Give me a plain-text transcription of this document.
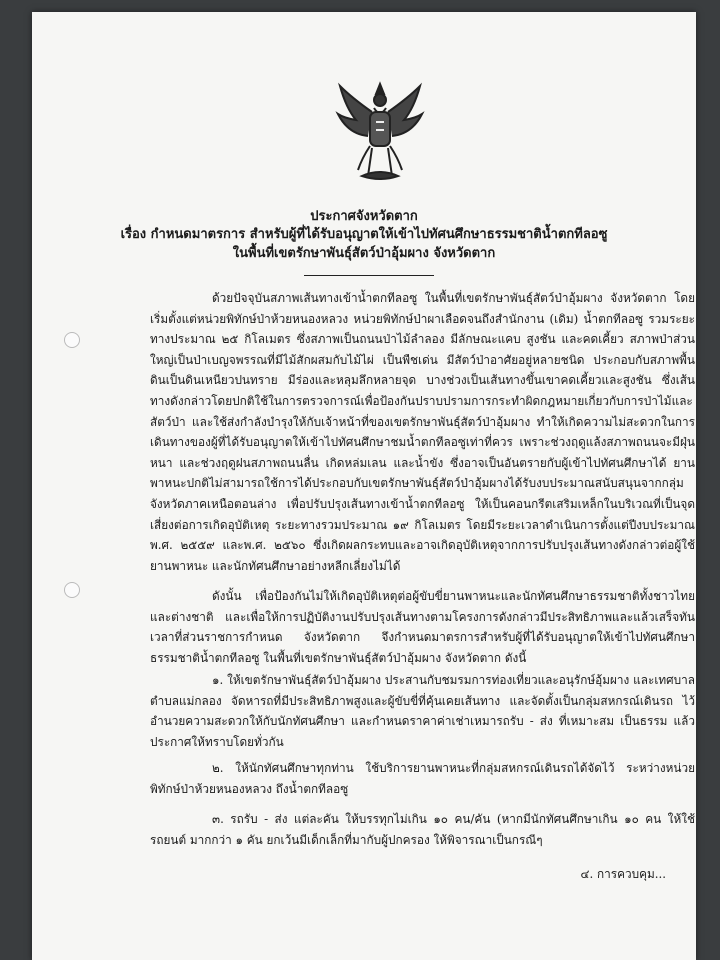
ประกาศจังหวัดตาก
เรื่อง กำหนดมาตรการ สำหรับผู้ที่ได้รับอนุญาตให้เข้าไปทัศนศึกษาธรรมชาติน้ำตกทีลอซู
ในพื้นที่เขตรักษาพันธุ์สัตว์ป่าอุ้มผาง จังหวัดตาก

ด้วยปัจจุบันสภาพเส้นทางเข้าน้ำตกทีลอซู ในพื้นที่เขตรักษาพันธุ์สัตว์ป่าอุ้มผาง จังหวัดตาก โดยเริ่มตั้งแต่หน่วยพิทักษ์ป่าห้วยหนองหลวง หน่วยพิทักษ์ป่าผาเลือดจนถึงสำนักงาน (เดิม) น้ำตกทีลอซู รวมระยะทางประมาณ ๒๕ กิโลเมตร ซึ่งสภาพเป็นถนนป่าไม้ลำลอง มีลักษณะแคบ สูงชัน และคดเคี้ยว สภาพป่าส่วนใหญ่เป็นป่าเบญจพรรณที่มีไม้สักผสมกับไม้ไผ่ เป็นพืชเด่น มีสัตว์ป่าอาศัยอยู่หลายชนิด ประกอบกับสภาพพื้นดินเป็นดินเหนียวปนทราย มีร่องและหลุมลึกหลายจุด บางช่วงเป็นเส้นทางขึ้นเขาคดเคี้ยวและสูงชัน ซึ่งเส้นทางดังกล่าวโดยปกติใช้ในการตรวจการณ์เพื่อป้องกันปราบปรามการกระทำผิดกฎหมายเกี่ยวกับการป่าไม้และสัตว์ป่า และใช้ส่งกำลังบำรุงให้กับเจ้าหน้าที่ของเขตรักษาพันธุ์สัตว์ป่าอุ้มผาง ทำให้เกิดความไม่สะดวกในการเดินทางของผู้ที่ได้รับอนุญาตให้เข้าไปทัศนศึกษาชมน้ำตกทีลอซูเท่าที่ควร เพราะช่วงฤดูแล้งสภาพถนนจะมีฝุ่นหนา และช่วงฤดูฝนสภาพถนนลื่น เกิดหล่มเลน และน้ำขัง ซึ่งอาจเป็นอันตรายกับผู้เข้าไปทัศนศึกษาได้ ยานพาหนะปกติไม่สามารถใช้การได้ประกอบกับเขตรักษาพันธุ์สัตว์ป่าอุ้มผางได้รับงบประมาณสนับสนุนจากกลุ่มจังหวัดภาคเหนือตอนล่าง เพื่อปรับปรุงเส้นทางเข้าน้ำตกทีลอซู ให้เป็นคอนกรีตเสริมเหล็กในบริเวณที่เป็นจุดเสี่ยงต่อการเกิดอุบัติเหตุ ระยะทางรวมประมาณ ๑๙ กิโลเมตร โดยมีระยะเวลาดำเนินการตั้งแต่ปีงบประมาณ พ.ศ. ๒๕๕๙ และพ.ศ. ๒๕๖๐ ซึ่งเกิดผลกระทบและอาจเกิดอุบัติเหตุจากการปรับปรุงเส้นทางดังกล่าวต่อผู้ใช้ยานพาหนะ และนักทัศนศึกษาอย่างหลีกเลี่ยงไม่ได้

ดังนั้น เพื่อป้องกันไม่ให้เกิดอุบัติเหตุต่อผู้ขับขี่ยานพาหนะและนักทัศนศึกษาธรรมชาติทั้งชาวไทยและต่างชาติ และเพื่อให้การปฏิบัติงานปรับปรุงเส้นทางตามโครงการดังกล่าวมีประสิทธิภาพและแล้วเสร็จทันเวลาที่ส่วนราชการกำหนด จังหวัดตาก จึงกำหนดมาตรการสำหรับผู้ที่ได้รับอนุญาตให้เข้าไปทัศนศึกษาธรรมชาติน้ำตกทีลอซู ในพื้นที่เขตรักษาพันธุ์สัตว์ป่าอุ้มผาง จังหวัดตาก ดังนี้

๑. ให้เขตรักษาพันธุ์สัตว์ป่าอุ้มผาง ประสานกับชมรมการท่องเที่ยวและอนุรักษ์อุ้มผาง และเทศบาลตำบลแม่กลอง จัดหารถที่มีประสิทธิภาพสูงและผู้ขับขี่ที่คุ้นเคยเส้นทาง และจัดตั้งเป็นกลุ่มสหกรณ์เดินรถ ไว้อำนวยความสะดวกให้กับนักทัศนศึกษา และกำหนดราคาค่าเช่าเหมารถรับ - ส่ง ที่เหมาะสม เป็นธรรม แล้วประกาศให้ทราบโดยทั่วกัน

๒. ให้นักทัศนศึกษาทุกท่าน ใช้บริการยานพาหนะที่กลุ่มสหกรณ์เดินรถได้จัดไว้ ระหว่างหน่วยพิทักษ์ป่าห้วยหนองหลวง ถึงน้ำตกทีลอซู

๓. รถรับ - ส่ง แต่ละคัน ให้บรรทุกไม่เกิน ๑๐ คน/คัน (หากมีนักทัศนศึกษาเกิน ๑๐ คน ให้ใช้รถยนต์ มากกว่า ๑ คัน ยกเว้นมีเด็กเล็กที่มากับผู้ปกครอง ให้พิจารณาเป็นกรณีๆ

๔. การควบคุม...
